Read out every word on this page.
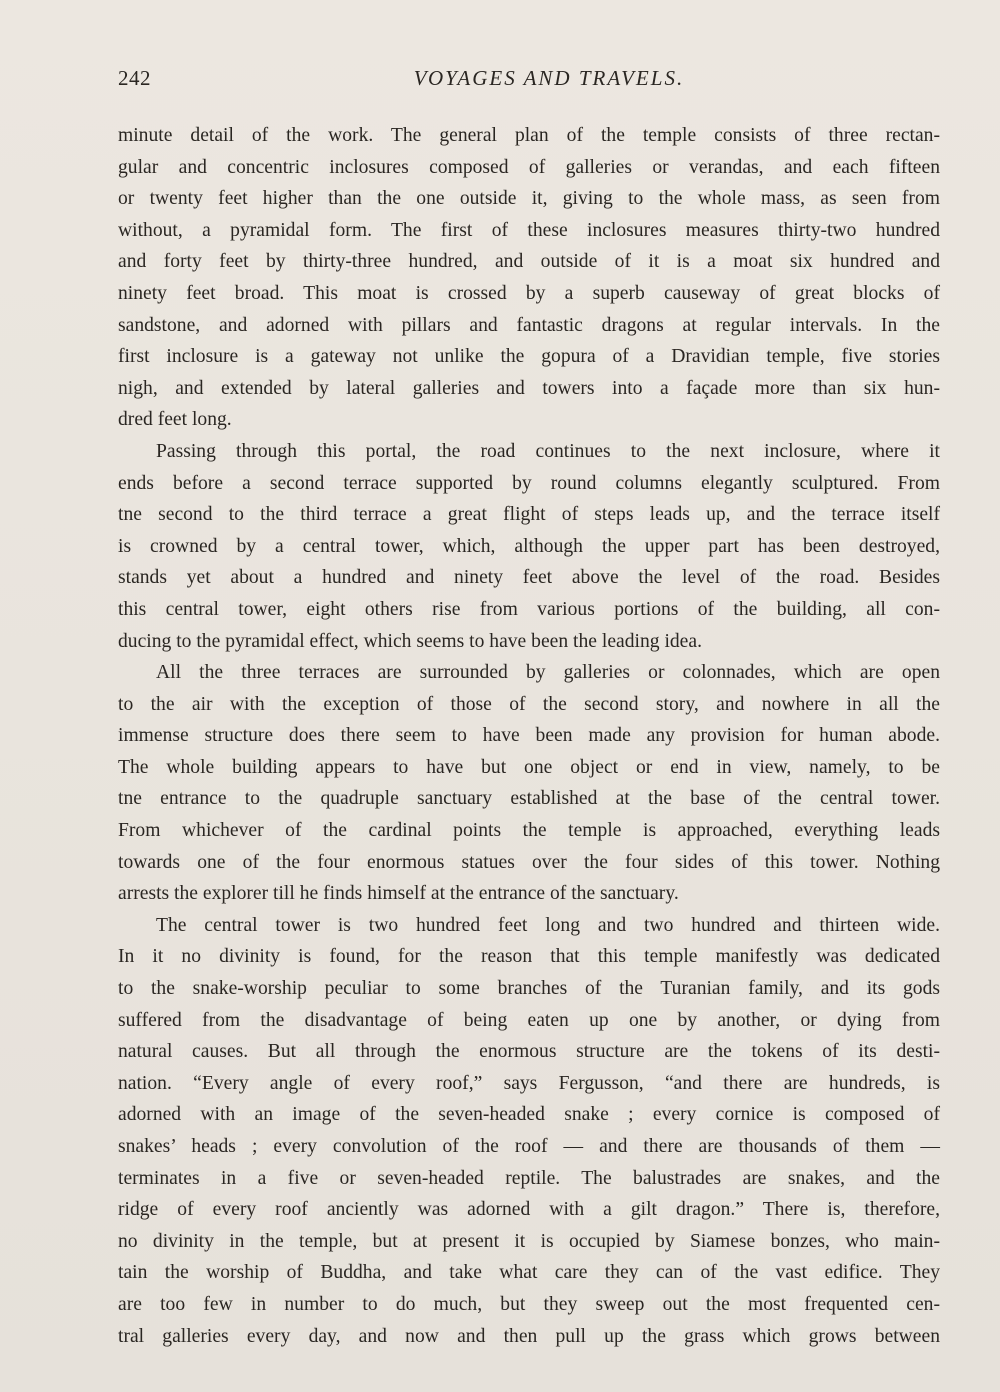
242	VOYAGES AND TRAVELS.

minute detail of the work. The general plan of the temple consists of three rectan-
gular and concentric inclosures composed of galleries or verandas, and each fifteen
or twenty feet higher than the one outside it, giving to the whole mass, as seen from
without, a pyramidal form. The first of these inclosures measures thirty-two hundred
and forty feet by thirty-three hundred, and outside of it is a moat six hundred and
ninety feet broad. This moat is crossed by a superb causeway of great blocks of
sandstone, and adorned with pillars and fantastic dragons at regular intervals. In the
first inclosure is a gateway not unlike the gopura of a Dravidian temple, five stories
nigh, and extended by lateral galleries and towers into a façade more than six hun-
dred feet long.

Passing through this portal, the road continues to the next inclosure, where it
ends before a second terrace supported by round columns elegantly sculptured. From
tne second to the third terrace a great flight of steps leads up, and the terrace itself
is crowned by a central tower, which, although the upper part has been destroyed,
stands yet about a hundred and ninety feet above the level of the road. Besides
this central tower, eight others rise from various portions of the building, all con-
ducing to the pyramidal effect, which seems to have been the leading idea.

All the three terraces are surrounded by galleries or colonnades, which are open
to the air with the exception of those of the second story, and nowhere in all the
immense structure does there seem to have been made any provision for human abode.
The whole building appears to have but one object or end in view, namely, to be
tne entrance to the quadruple sanctuary established at the base of the central tower.
From whichever of the cardinal points the temple is approached, everything leads
towards one of the four enormous statues over the four sides of this tower. Nothing
arrests the explorer till he finds himself at the entrance of the sanctuary.

The central tower is two hundred feet long and two hundred and thirteen wide.
In it no divinity is found, for the reason that this temple manifestly was dedicated
to the snake-worship peculiar to some branches of the Turanian family, and its gods
suffered from the disadvantage of being eaten up one by another, or dying from
natural causes. But all through the enormous structure are the tokens of its desti-
nation. “Every angle of every roof,” says Fergusson, “and there are hundreds, is
adorned with an image of the seven-headed snake ; every cornice is composed of
snakes’ heads ; every convolution of the roof — and there are thousands of them —
terminates in a five or seven-headed reptile. The balustrades are snakes, and the
ridge of every roof anciently was adorned with a gilt dragon.” There is, therefore,
no divinity in the temple, but at present it is occupied by Siamese bonzes, who main-
tain the worship of Buddha, and take what care they can of the vast edifice. They
are too few in number to do much, but they sweep out the most frequented cen-
tral galleries every day, and now and then pull up the grass which grows between
